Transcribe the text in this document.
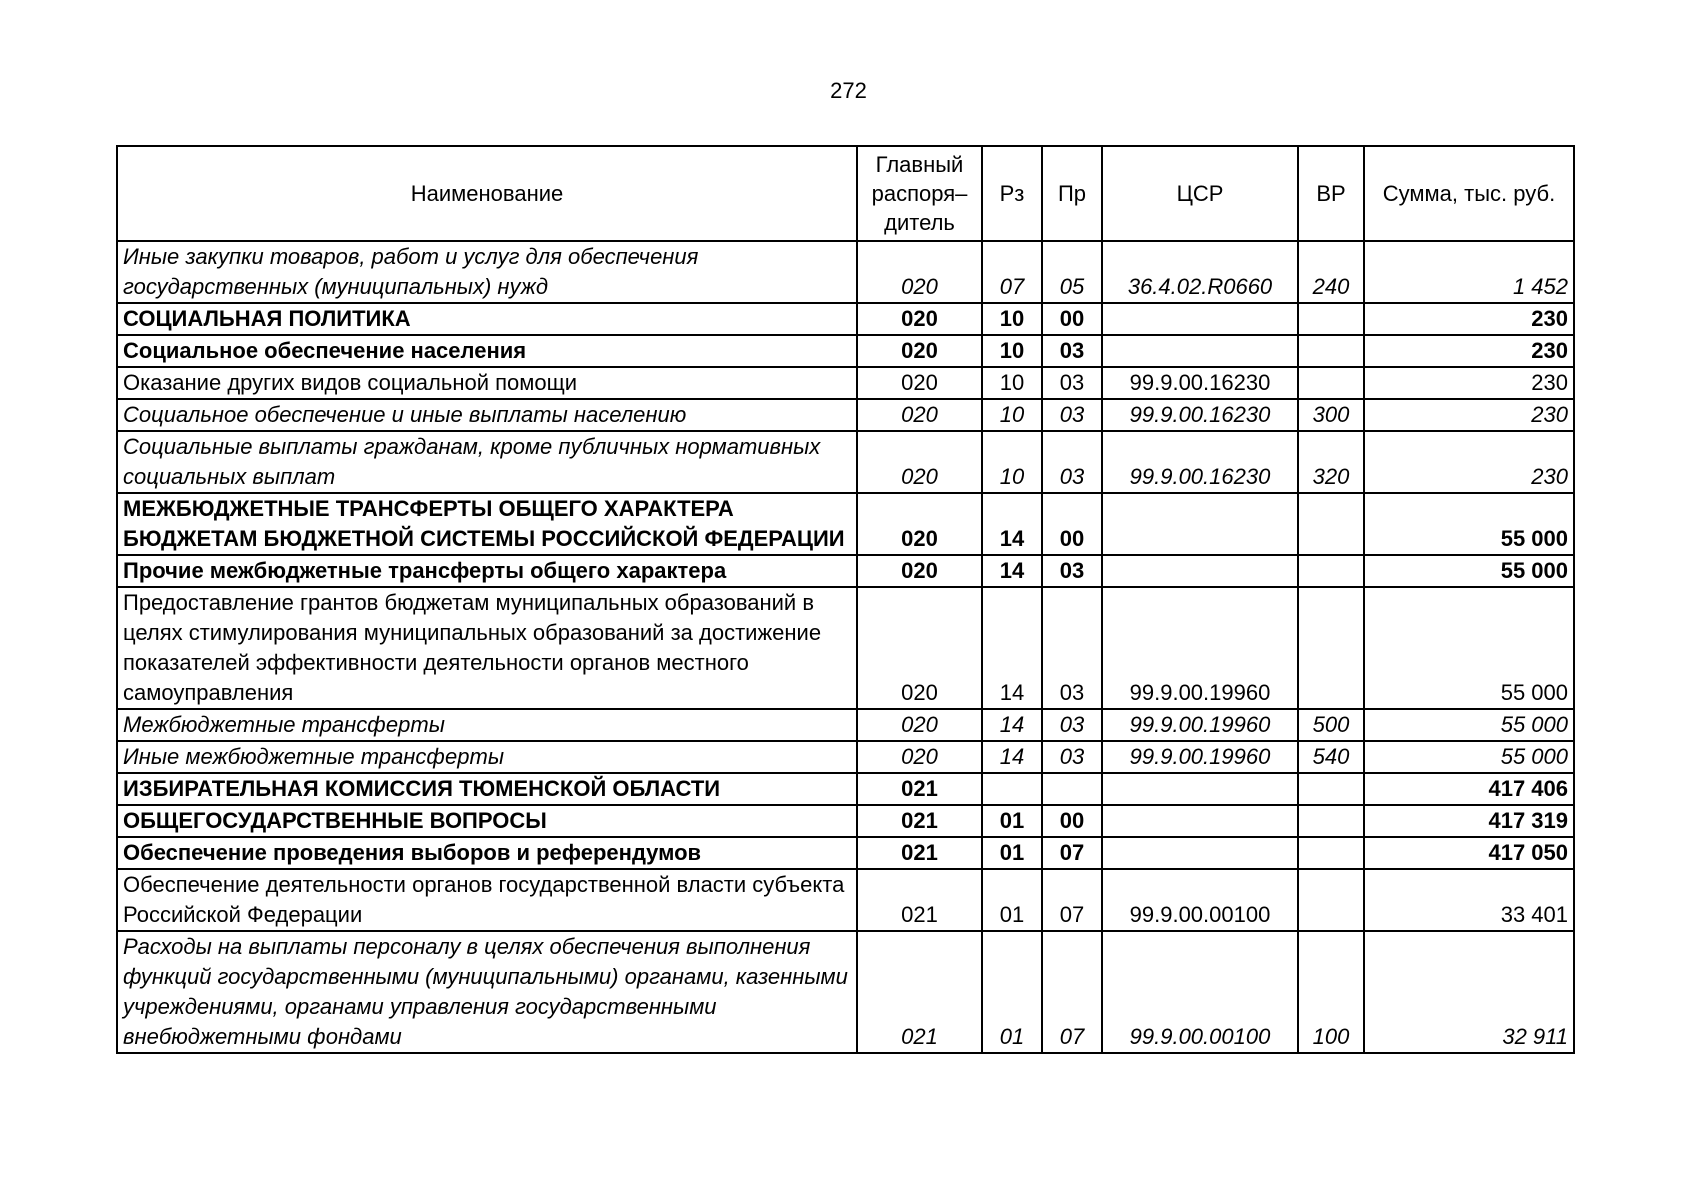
272
Наименование	Главный распоря– дитель	Рз	Пр	ЦСР	ВР	Сумма, тыс. руб.
Иные закупки товаров, работ и услуг для обеспечения государственных (муниципальных) нужд	020	07	05	36.4.02.R0660	240	1 452
СОЦИАЛЬНАЯ ПОЛИТИКА	020	10	00			230
Социальное обеспечение населения	020	10	03			230
Оказание других видов социальной помощи	020	10	03	99.9.00.16230		230
Социальное обеспечение и иные выплаты населению	020	10	03	99.9.00.16230	300	230
Социальные выплаты гражданам, кроме публичных нормативных социальных выплат	020	10	03	99.9.00.16230	320	230
МЕЖБЮДЖЕТНЫЕ ТРАНСФЕРТЫ ОБЩЕГО ХАРАКТЕРА БЮДЖЕТАМ БЮДЖЕТНОЙ СИСТЕМЫ РОССИЙСКОЙ ФЕДЕРАЦИИ	020	14	00			55 000
Прочие межбюджетные трансферты общего характера	020	14	03			55 000
Предоставление грантов бюджетам муниципальных образований в целях стимулирования муниципальных образований за достижение показателей эффективности деятельности органов местного самоуправления	020	14	03	99.9.00.19960		55 000
Межбюджетные трансферты	020	14	03	99.9.00.19960	500	55 000
Иные межбюджетные трансферты	020	14	03	99.9.00.19960	540	55 000
ИЗБИРАТЕЛЬНАЯ КОМИССИЯ ТЮМЕНСКОЙ ОБЛАСТИ	021					417 406
ОБЩЕГОСУДАРСТВЕННЫЕ ВОПРОСЫ	021	01	00			417 319
Обеспечение проведения выборов и референдумов	021	01	07			417 050
Обеспечение деятельности органов государственной власти субъекта Российской Федерации	021	01	07	99.9.00.00100		33 401
Расходы на выплаты персоналу в целях обеспечения выполнения функций государственными (муниципальными) органами, казенными учреждениями, органами управления государственными внебюджетными фондами	021	01	07	99.9.00.00100	100	32 911
